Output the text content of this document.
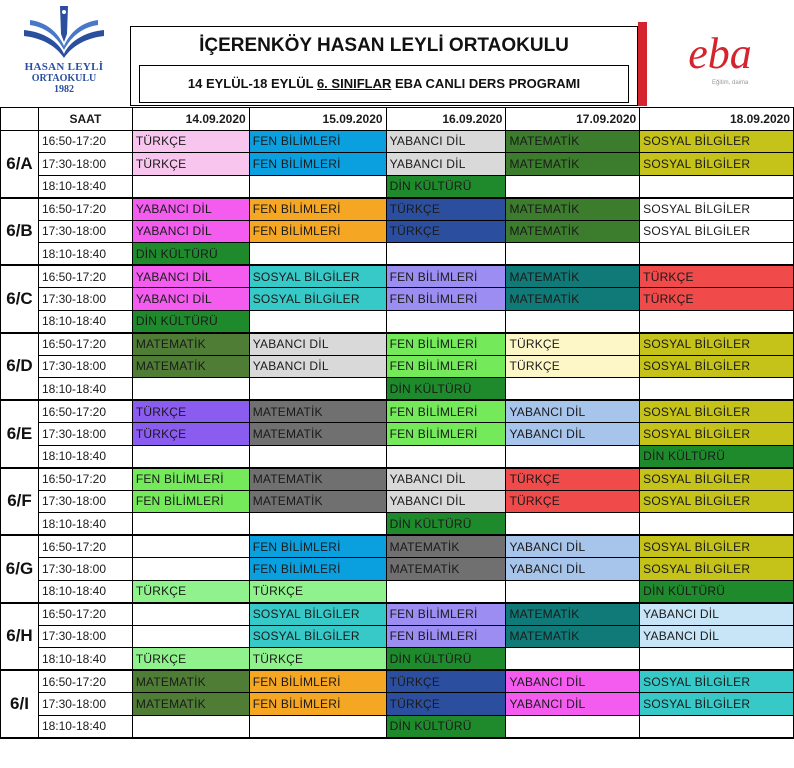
HASAN LEYLİ
ORTAOKULU
1982
İÇERENKÖY HASAN LEYLİ ORTAOKULU
14 EYLÜL-18 EYLÜL 6. SINIFLAR EBA CANLI DERS PROGRAMI
eba
Eğitim, daima
	SAAT	14.09.2020	15.09.2020	16.09.2020	17.09.2020	18.09.2020
6/A	16:50-17:20	TÜRKÇE	FEN BİLİMLERİ	YABANCI DİL	MATEMATİK	SOSYAL BİLGİLER
	17:30-18:00	TÜRKÇE	FEN BİLİMLERİ	YABANCI DİL	MATEMATİK	SOSYAL BİLGİLER
	18:10-18:40			DİN KÜLTÜRÜ		
6/B	16:50-17:20	YABANCI DİL	FEN BİLİMLERİ	TÜRKÇE	MATEMATİK	SOSYAL BİLGİLER
	17:30-18:00	YABANCI DİL	FEN BİLİMLERİ	TÜRKÇE	MATEMATİK	SOSYAL BİLGİLER
	18:10-18:40	DİN KÜLTÜRÜ				
6/C	16:50-17:20	YABANCI DİL	SOSYAL BİLGİLER	FEN BİLİMLERİ	MATEMATİK	TÜRKÇE
	17:30-18:00	YABANCI DİL	SOSYAL BİLGİLER	FEN BİLİMLERİ	MATEMATİK	TÜRKÇE
	18:10-18:40	DİN KÜLTÜRÜ				
6/D	16:50-17:20	MATEMATİK	YABANCI DİL	FEN BİLİMLERİ	TÜRKÇE	SOSYAL BİLGİLER
	17:30-18:00	MATEMATİK	YABANCI DİL	FEN BİLİMLERİ	TÜRKÇE	SOSYAL BİLGİLER
	18:10-18:40			DİN KÜLTÜRÜ		
6/E	16:50-17:20	TÜRKÇE	MATEMATİK	FEN BİLİMLERİ	YABANCI DİL	SOSYAL BİLGİLER
	17:30-18:00	TÜRKÇE	MATEMATİK	FEN BİLİMLERİ	YABANCI DİL	SOSYAL BİLGİLER
	18:10-18:40					DİN KÜLTÜRÜ
6/F	16:50-17:20	FEN BİLİMLERİ	MATEMATİK	YABANCI DİL	TÜRKÇE	SOSYAL BİLGİLER
	17:30-18:00	FEN BİLİMLERİ	MATEMATİK	YABANCI DİL	TÜRKÇE	SOSYAL BİLGİLER
	18:10-18:40			DİN KÜLTÜRÜ		
6/G	16:50-17:20		FEN BİLİMLERİ	MATEMATİK	YABANCI DİL	SOSYAL BİLGİLER
	17:30-18:00		FEN BİLİMLERİ	MATEMATİK	YABANCI DİL	SOSYAL BİLGİLER
	18:10-18:40	TÜRKÇE	TÜRKÇE			DİN KÜLTÜRÜ
6/H	16:50-17:20		SOSYAL BİLGİLER	FEN BİLİMLERİ	MATEMATİK	YABANCI DİL
	17:30-18:00		SOSYAL BİLGİLER	FEN BİLİMLERİ	MATEMATİK	YABANCI DİL
	18:10-18:40	TÜRKÇE	TÜRKÇE	DİN KÜLTÜRÜ		
6/I	16:50-17:20	MATEMATİK	FEN BİLİMLERİ	TÜRKÇE	YABANCI DİL	SOSYAL BİLGİLER
	17:30-18:00	MATEMATİK	FEN BİLİMLERİ	TÜRKÇE	YABANCI DİL	SOSYAL BİLGİLER
	18:10-18:40			DİN KÜLTÜRÜ		
